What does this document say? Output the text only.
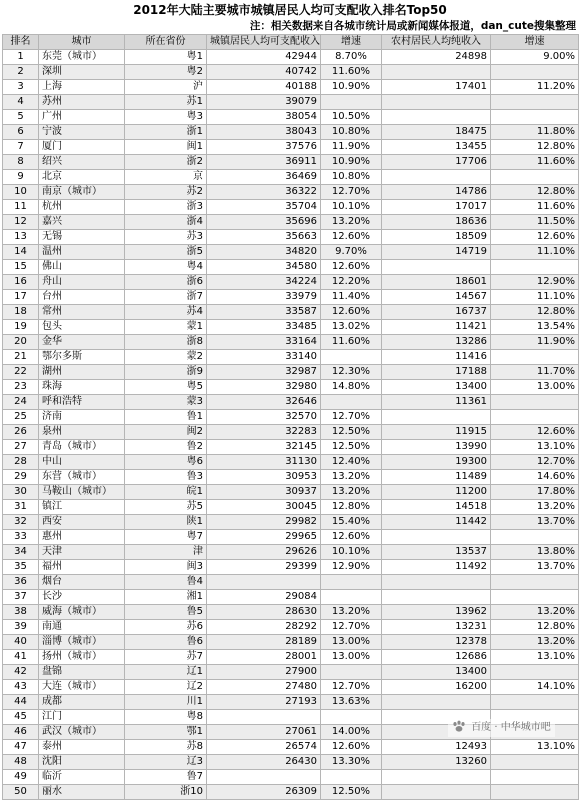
2012年大陆主要城市城镇居民人均可支配收入排名Top50
注：相关数据来自各城市统计局或新闻媒体报道，dan_cute搜集整理
排名	城市	所在省份	城镇居民人均可支配收入	增速	农村居民人均纯收入	增速
1	东莞（城市）	粤1	42944	8.70%	24898	9.00%
2	深圳	粤2	40742	11.60%		
3	上海	沪	40188	10.90%	17401	11.20%
4	苏州	苏1	39079			
5	广州	粤3	38054	10.50%		
6	宁波	浙1	38043	10.80%	18475	11.80%
7	厦门	闽1	37576	11.90%	13455	12.80%
8	绍兴	浙2	36911	10.90%	17706	11.60%
9	北京	京	36469	10.80%		
10	南京（城市）	苏2	36322	12.70%	14786	12.80%
11	杭州	浙3	35704	10.10%	17017	11.60%
12	嘉兴	浙4	35696	13.20%	18636	11.50%
13	无锡	苏3	35663	12.60%	18509	12.60%
14	温州	浙5	34820	9.70%	14719	11.10%
15	佛山	粤4	34580	12.60%		
16	舟山	浙6	34224	12.20%	18601	12.90%
17	台州	浙7	33979	11.40%	14567	11.10%
18	常州	苏4	33587	12.60%	16737	12.80%
19	包头	蒙1	33485	13.02%	11421	13.54%
20	金华	浙8	33164	11.60%	13286	11.90%
21	鄂尔多斯	蒙2	33140		11416	
22	湖州	浙9	32987	12.30%	17188	11.70%
23	珠海	粤5	32980	14.80%	13400	13.00%
24	呼和浩特	蒙3	32646		11361	
25	济南	鲁1	32570	12.70%		
26	泉州	闽2	32283	12.50%	11915	12.60%
27	青岛（城市）	鲁2	32145	12.50%	13990	13.10%
28	中山	粤6	31130	12.40%	19300	12.70%
29	东营（城市）	鲁3	30953	13.20%	11489	14.60%
30	马鞍山（城市）	皖1	30937	13.20%	11200	17.80%
31	镇江	苏5	30045	12.80%	14518	13.20%
32	西安	陕1	29982	15.40%	11442	13.70%
33	惠州	粤7	29965	12.60%		
34	天津	津	29626	10.10%	13537	13.80%
35	福州	闽3	29399	12.90%	11492	13.70%
36	烟台	鲁4				
37	长沙	湘1	29084			
38	威海（城市）	鲁5	28630	13.20%	13962	13.20%
39	南通	苏6	28292	12.70%	13231	12.80%
40	淄博（城市）	鲁6	28189	13.00%	12378	13.20%
41	扬州（城市）	苏7	28001	13.00%	12686	13.10%
42	盘锦	辽1	27900		13400	
43	大连（城市）	辽2	27480	12.70%	16200	14.10%
44	成都	川1	27193	13.63%		
45	江门	粤8				
46	武汉（城市）	鄂1	27061	14.00%		
47	泰州	苏8	26574	12.60%	12493	13.10%
48	沈阳	辽3	26430	13.30%	13260	
49	临沂	鲁7				
50	丽水	浙10	26309	12.50%		
百度 · 中华城市吧
